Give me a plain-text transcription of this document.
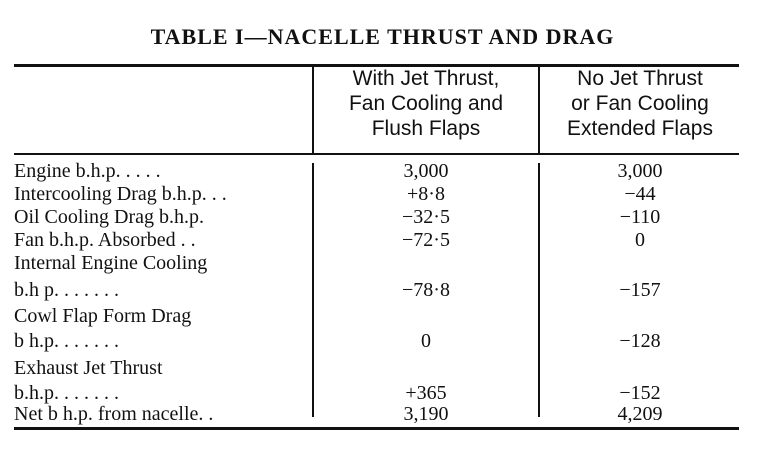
TABLE I—NACELLE THRUST AND DRAG
With Jet Thrust,
Fan Cooling and
Flush Flaps
No Jet Thrust
or Fan Cooling
Extended Flaps
Engine b.h.p. . . . .	3,000	3,000
Intercooling Drag b.h.p. . .	+8·8	−44
Oil Cooling Drag b.h.p.	−32·5	−110
Fan b.h.p. Absorbed . .	−72·5	0
Internal Engine Cooling
b.h p. . . . . . .	−78·8	−157
Cowl Flap Form Drag
b h.p. . . . . . .	0	−128
Exhaust Jet Thrust
b.h.p. . . . . . .	+365	−152
Net b h.p. from nacelle. .	3,190	4,209
